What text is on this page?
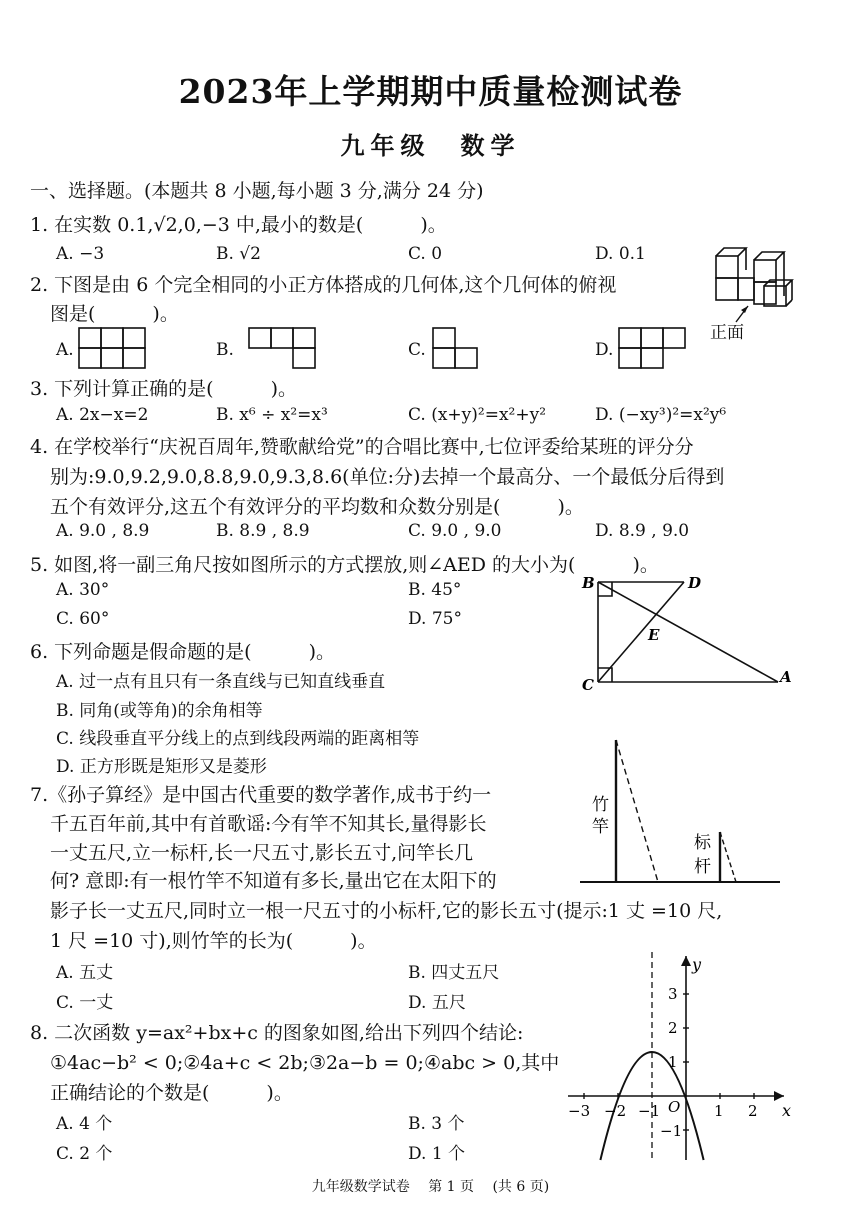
2023年上学期期中质量检测试卷
九年级　数学
一、选择题。(本题共 8 小题,每小题 3 分,满分 24 分)
1. 在实数 0.1,√2,0,−3 中,最小的数是(　　　)。
A. −3	B. √2	C. 0	D. 0.1
2. 下图是由 6 个完全相同的小正方体搭成的几何体,这个几何体的俯视
图是(　　　)。
正面
A.	B.	C.	D.
3. 下列计算正确的是(　　　)。
A. 2x−x=2	B. x⁶ ÷ x²=x³	C. (x+y)²=x²+y²	D. (−xy³)²=x²y⁶
4. 在学校举行“庆祝百周年,赞歌献给党”的合唱比赛中,七位评委给某班的评分分
别为:9.0,9.2,9.0,8.8,9.0,9.3,8.6(单位:分)去掉一个最高分、一个最低分后得到
五个有效评分,这五个有效评分的平均数和众数分别是(　　　)。
A. 9.0 , 8.9	B. 8.9 , 8.9	C. 9.0 , 9.0	D. 8.9 , 9.0
5. 如图,将一副三角尺按如图所示的方式摆放,则∠AED 的大小为(　　　)。
A. 30°	B. 45°
C. 60°	D. 75°
B	D
E
C	A
6. 下列命题是假命题的是(　　　)。
A. 过一点有且只有一条直线与已知直线垂直
B. 同角(或等角)的余角相等
C. 线段垂直平分线上的点到线段两端的距离相等
D. 正方形既是矩形又是菱形
7.《孙子算经》是中国古代重要的数学著作,成书于约一
千五百年前,其中有首歌谣:今有竿不知其长,量得影长
一丈五尺,立一标杆,长一尺五寸,影长五寸,问竿长几
何? 意即:有一根竹竿不知道有多长,量出它在太阳下的
影子长一丈五尺,同时立一根一尺五寸的小标杆,它的影长五寸(提示:1 丈 =10 尺,
1 尺 =10 寸),则竹竿的长为(　　　)。
A. 五丈	B. 四丈五尺
C. 一丈	D. 五尺
竹
竿
标
杆
8. 二次函数 y=ax²+bx+c 的图象如图,给出下列四个结论:
①4ac−b² < 0;②4a+c < 2b;③2a−b = 0;④abc > 0,其中
正确结论的个数是(　　　)。
A. 4 个	B. 3 个
C. 2 个	D. 1 个
−3 −2 −1	1 2
3
2
1
−1
O	x
y
九年级数学试卷　 第 1 页　 (共 6 页)
